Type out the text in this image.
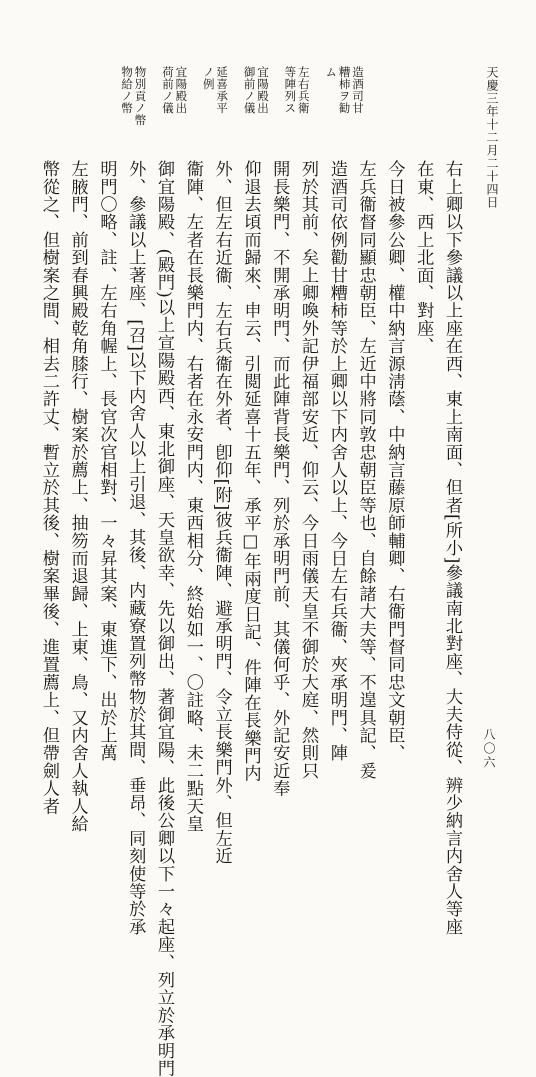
天慶三年十二月二十四日
造酒司甘
糟柿ヲ勧
ム
左右兵衛
等陣列ス
宜陽殿出
御前ノ儀
延喜承平
ノ例
宜陽殿出
荷前ノ儀
物別貢ノ幣
物給ノ幣
右上卿以下參議以上座在西、東上南面、但者[所小]參議南北對座、大夫侍從、辨少納言内舍人等座
在東、西上北面、對座、
今日被參公卿、權中納言源淸蔭、中納言藤原師輔卿、右衞門督同忠文朝臣、
左兵衞督同顯忠朝臣、左近中將同敦忠朝臣等也、自餘諸大夫等、不遑具記、爰
造酒司依例勸甘糟柿等於上卿以下内舍人以上、今日左右兵衞、夾承明門、陣
列於其前、矣上卿喚外記伊福部安近、仰云、今日雨儀天皇不御於大庭、然則只
開長樂門、不開承明門、而此陣背長樂門、列於承明門前、其儀何乎、外記安近奉
仰退去頃而歸來、申云、引閲延喜十五年、承平□年兩度日記、件陣在長樂門内
外、但左右近衞、左右兵衞在外者、卽仰[附]彼兵衞陣、避承明門、令立長樂門外、但左近
衞陣、左者在長樂門内、右者在永安門内、東西相分、終始如一、〇註略、未二點天皇
御宜陽殿、(殿門)以上宣陽殿西、東北御座、天皇欲幸、先以御出、著御宜陽、此後公卿以下一々起座、列立於承明門
外、參議以上著座、[召]以下内舍人以上引退、其後、内藏寮置列幣物於其間、垂昂、同刻使等於承
明門〇略、註、左右角幄上、長官次官相對、一々昇其案、東進下、出於上萬
左腋門、前到春興殿乾角膝行、樹案於薦上、抽笏而退歸、上東、鳥、又内舍人執人給
幣從之、但樹案之間、相去二許丈、暫立於其後、樹案畢後、進置薦上、但帶劍人者	八〇六
